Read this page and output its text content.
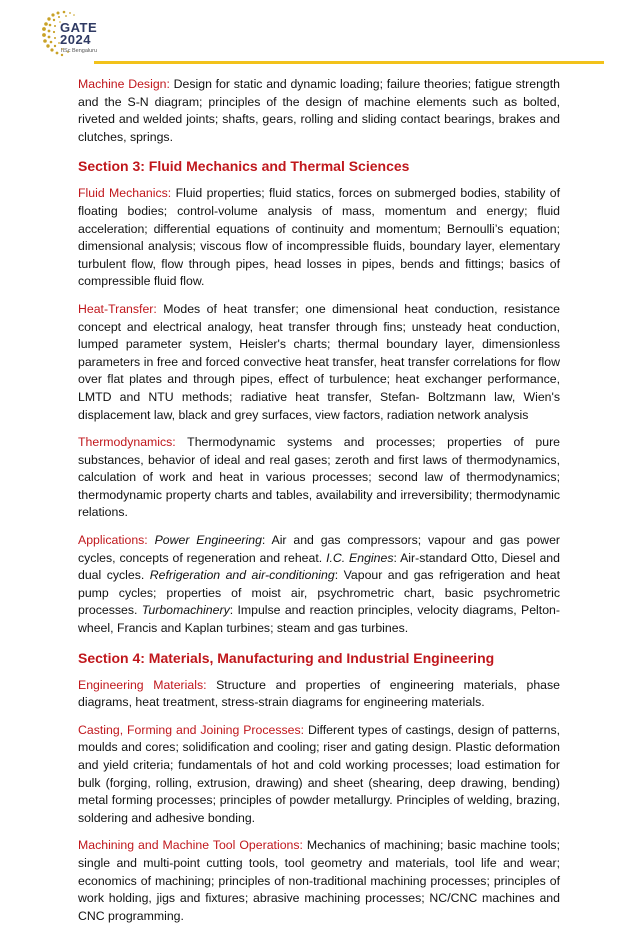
GATE
2024
IISc Bengaluru

Machine Design: Design for static and dynamic loading; failure theories; fatigue strength and the S-N diagram; principles of the design of machine elements such as bolted, riveted and welded joints; shafts, gears, rolling and sliding contact bearings, brakes and clutches, springs.

Section 3: Fluid Mechanics and Thermal Sciences

Fluid Mechanics: Fluid properties; fluid statics, forces on submerged bodies, stability of floating bodies; control-volume analysis of mass, momentum and energy; fluid acceleration; differential equations of continuity and momentum; Bernoulli’s equation; dimensional analysis; viscous flow of incompressible fluids, boundary layer, elementary turbulent flow, flow through pipes, head losses in pipes, bends and fittings; basics of compressible fluid flow.

Heat-Transfer: Modes of heat transfer; one dimensional heat conduction, resistance concept and electrical analogy, heat transfer through fins; unsteady heat conduction, lumped parameter system, Heisler's charts; thermal boundary layer, dimensionless parameters in free and forced convective heat transfer, heat transfer correlations for flow over flat plates and through pipes, effect of turbulence; heat exchanger performance, LMTD and NTU methods; radiative heat transfer, Stefan- Boltzmann law, Wien's displacement law, black and grey surfaces, view factors, radiation network analysis

Thermodynamics: Thermodynamic systems and processes; properties of pure substances, behavior of ideal and real gases; zeroth and first laws of thermodynamics, calculation of work and heat in various processes; second law of thermodynamics; thermodynamic property charts and tables, availability and irreversibility; thermodynamic relations.

Applications: Power Engineering: Air and gas compressors; vapour and gas power cycles, concepts of regeneration and reheat. I.C. Engines: Air-standard Otto, Diesel and dual cycles. Refrigeration and air-conditioning: Vapour and gas refrigeration and heat pump cycles; properties of moist air, psychrometric chart, basic psychrometric processes. Turbomachinery: Impulse and reaction principles, velocity diagrams, Pelton-wheel, Francis and Kaplan turbines; steam and gas turbines.

Section 4: Materials, Manufacturing and Industrial Engineering

Engineering Materials: Structure and properties of engineering materials, phase diagrams, heat treatment, stress-strain diagrams for engineering materials.

Casting, Forming and Joining Processes: Different types of castings, design of patterns, moulds and cores; solidification and cooling; riser and gating design. Plastic deformation and yield criteria; fundamentals of hot and cold working processes; load estimation for bulk (forging, rolling, extrusion, drawing) and sheet (shearing, deep drawing, bending) metal forming processes; principles of powder metallurgy. Principles of welding, brazing, soldering and adhesive bonding.

Machining and Machine Tool Operations: Mechanics of machining; basic machine tools; single and multi-point cutting tools, tool geometry and materials, tool life and wear; economics of machining; principles of non-traditional machining processes; principles of work holding, jigs and fixtures; abrasive machining processes; NC/CNC machines and CNC programming.
